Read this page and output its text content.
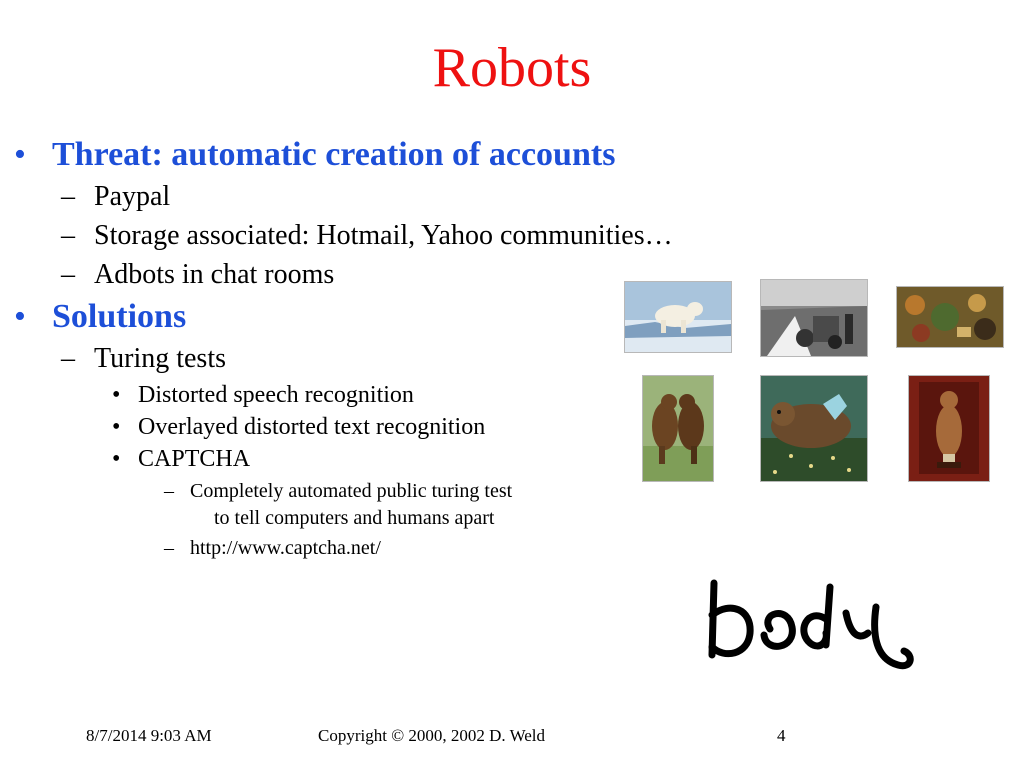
Robots
• Threat: automatic creation of accounts
– Paypal
– Storage associated: Hotmail, Yahoo communities…
– Adbots in chat rooms
• Solutions
– Turing tests
• Distorted speech recognition
• Overlayed distorted text recognition
• CAPTCHA
– Completely automated public turing test
to tell computers and humans apart
– http://www.captcha.net/
body
8/7/2014 9:03 AM	Copyright © 2000, 2002 D. Weld	4
